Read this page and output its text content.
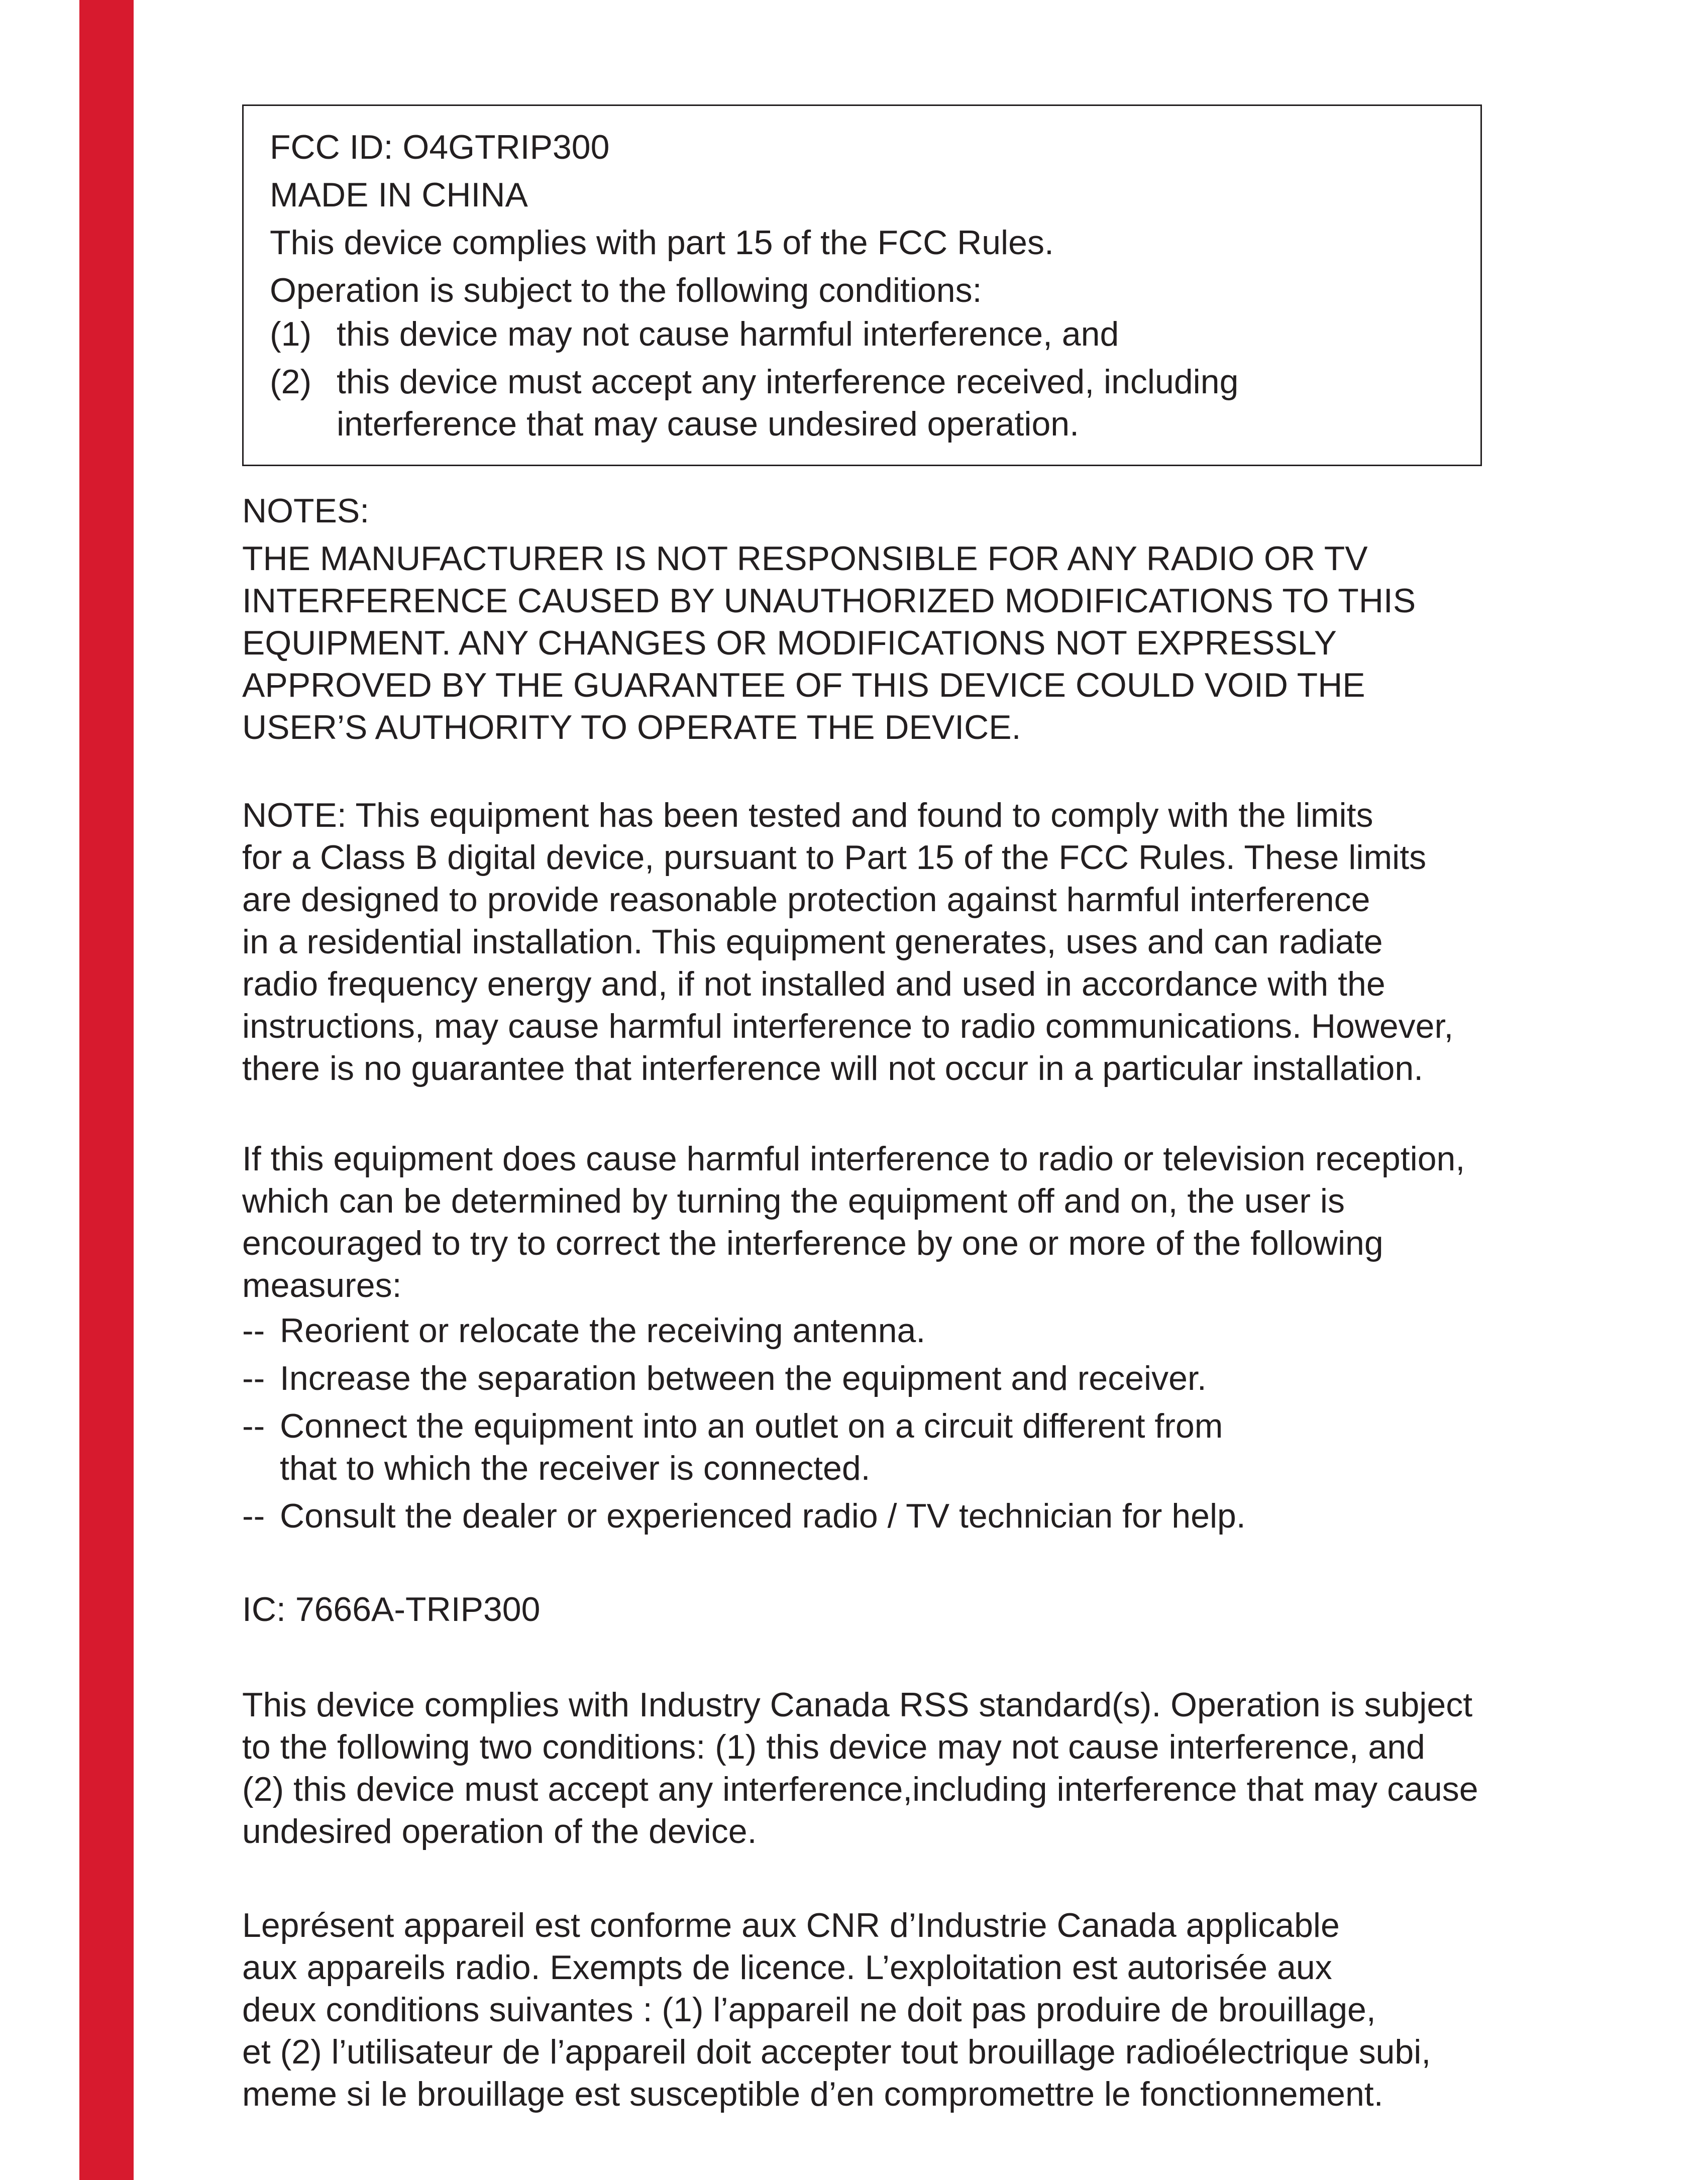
FCC ID: O4GTRIP300
MADE IN CHINA
This device complies with part 15 of the FCC Rules.
Operation is subject to the following conditions:
(1) this device may not cause harmful interference, and
(2) this device must accept any interference received, including interference that may cause undesired operation.
NOTES:
THE MANUFACTURER IS NOT RESPONSIBLE FOR ANY RADIO OR TV
INTERFERENCE CAUSED BY UNAUTHORIZED MODIFICATIONS TO THIS
EQUIPMENT. ANY CHANGES OR MODIFICATIONS NOT EXPRESSLY
APPROVED BY THE GUARANTEE OF THIS DEVICE COULD VOID THE
USER’S AUTHORITY TO OPERATE THE DEVICE.
NOTE: This equipment has been tested and found to comply with the limits
for a Class B digital device, pursuant to Part 15 of the FCC Rules. These limits
are designed to provide reasonable protection against harmful interference
in a residential installation. This equipment generates, uses and can radiate
radio frequency energy and, if not installed and used in accordance with the
instructions, may cause harmful interference to radio communications. However,
there is no guarantee that interference will not occur in a particular installation.
If this equipment does cause harmful interference to radio or television reception,
which can be determined by turning the equipment off and on, the user is
encouraged to try to correct the interference by one or more of the following
measures:
-- Reorient or relocate the receiving antenna.
-- Increase the separation between the equipment and receiver.
-- Connect the equipment into an outlet on a circuit different from
that to which the receiver is connected.
-- Consult the dealer or experienced radio / TV technician for help.
IC: 7666A-TRIP300
This device complies with Industry Canada RSS standard(s). Operation is subject
to the following two conditions: (1) this device may not cause interference, and
(2) this device must accept any interference,including interference that may cause
undesired operation of the device.
Leprésent appareil est conforme aux CNR d’Industrie Canada applicable
aux appareils radio. Exempts de licence. L’exploitation est autorisée aux
deux conditions suivantes : (1) l’appareil ne doit pas produire de brouillage,
et (2) l’utilisateur de l’appareil doit accepter tout brouillage radioélectrique subi,
meme si le brouillage est susceptible d’en compromettre le fonctionnement.
